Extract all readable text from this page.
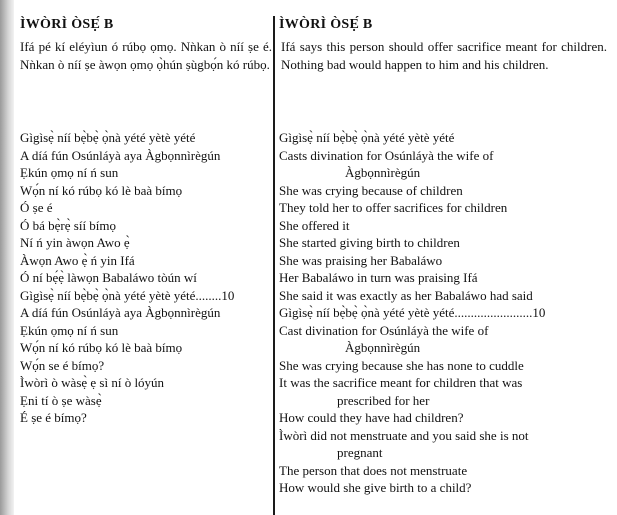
ÌWÒRÌ ÒSẸ́ B
Ifá pé kí eléyìun ó rúbọ ọmọ. Nǹkan ò níí ṣe é. Nǹkan ò níí ṣe àwọn ọmọ ọ̀hún ṣùgbọ́n kó rúbọ.
Gìgìsẹ̀ níí bẹ̀bẹ̀ ọ̀nà yété yètè yété
A díá fún Osúnláyà aya Àgbọnnìrègún
Ẹkún ọmọ ní ń sun
Wọ́n ní kó rúbọ kó lè baà bímọ
Ó ṣe é
Ó bá bẹ̀rẹ̀ síí bímọ
Ní ń yin àwọn Awo ẹ̀
Àwọn Awo ẹ̀ ń yin Ifá
Ó ní bẹ́ẹ̀ làwọn Babaláwo tòún wí
Gìgìsẹ̀ níí bẹ̀bẹ̀ ọ̀nà yété yètè yété........10
A díá fún Osúnláyà aya Àgbọnnìrègún
Ẹkún ọmọ ní ń sun
Wọ́n ní kó rúbọ kó lè baà bímọ
Wọ́n se é bímọ?
Ìwòrì ò wàsẹ̀ ẹ sì ní ò lóyún
Ẹni tí ò ṣe wàsẹ̀
É ṣe é bímọ?
ÌWÒRÌ ÒSẸ́ B
Ifá says this person should offer sacrifice meant for children. Nothing bad would happen to him and his children.
Gìgìsẹ̀ níí bẹ̀bẹ̀ ọ̀nà yété yètè yété
Casts divination for Osúnláyà the wife of
Àgbọnnìrègún
She was crying because of children
They told her to offer sacrifices for children
She offered it
She started giving birth to children
She was praising her Babaláwo
Her Babaláwo in turn was praising Ifá
She said it was exactly as her Babaláwo had said
Gìgìsẹ̀ níí bẹ̀bẹ̀ ọ̀nà yété yètè yété........................10
Cast divination for Osúnláyà the wife of
Àgbọnnìrègún
She was crying because she has none to cuddle
It was the sacrifice meant for children that was
prescribed for her
How could they have had children?
Ìwòrì did not menstruate and you said she is not
pregnant
The person that does not menstruate
How would she give birth to a child?
